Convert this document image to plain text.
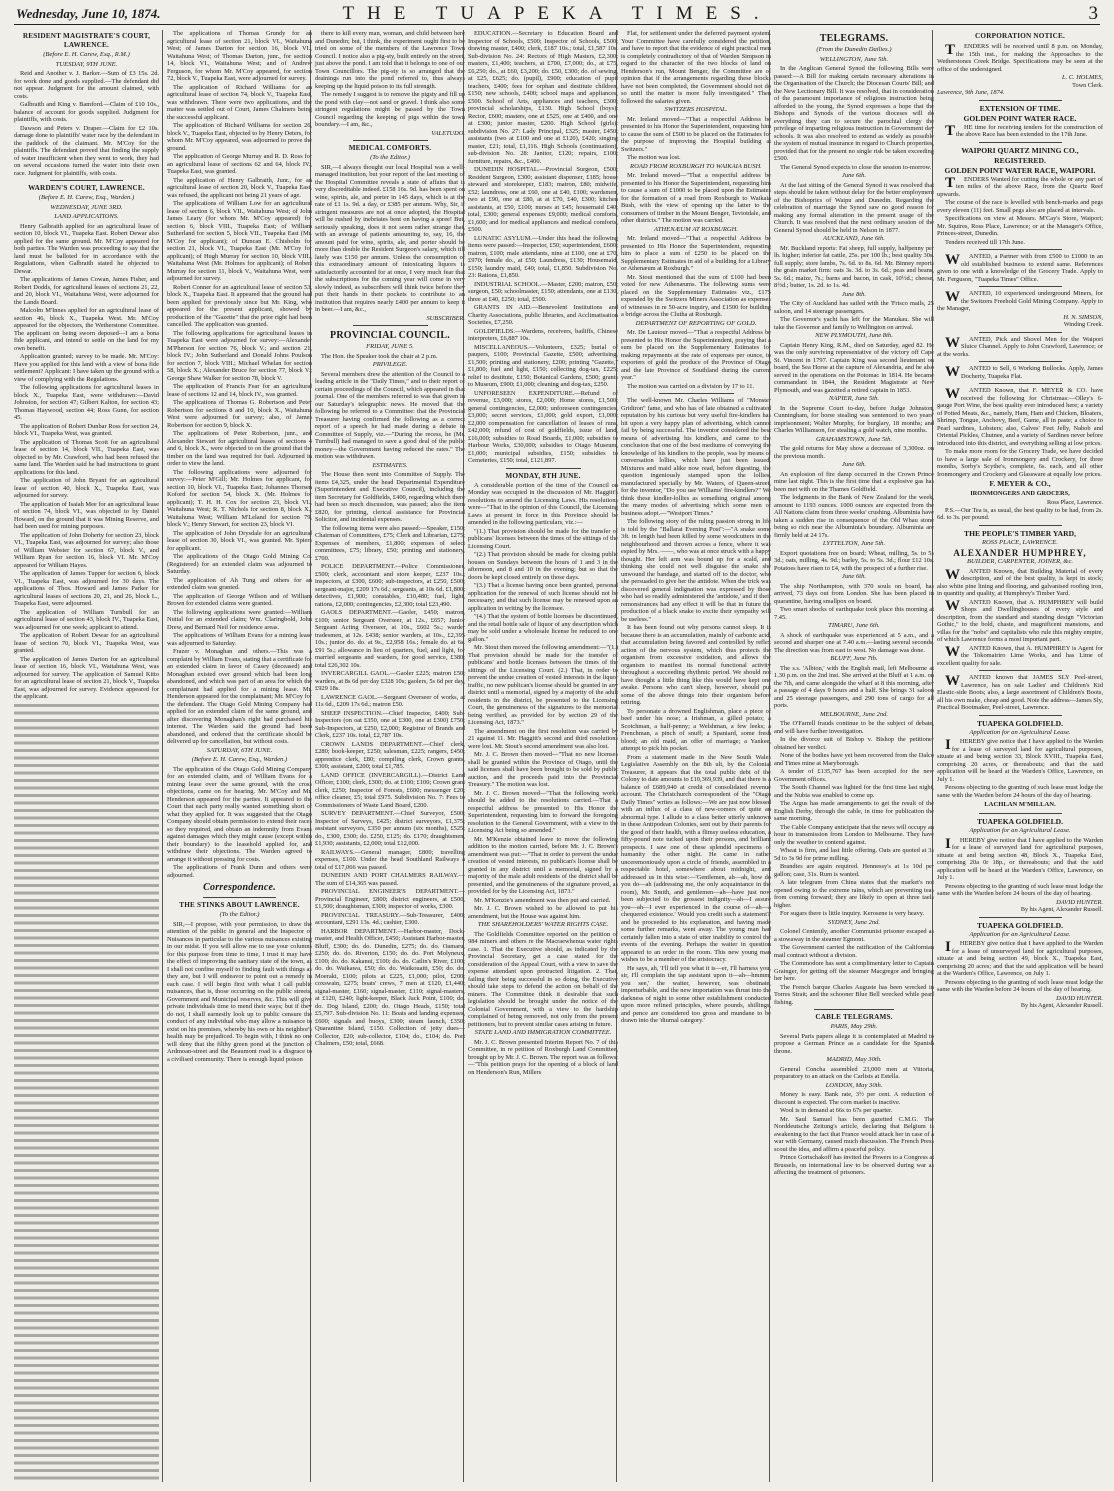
Wednesday, June 10, 1874.	THE TUAPEKA TIMES.	3
RESIDENT MAGISTRATE'S COURT, LAWRENCE.
(Before E. H. Carew, Esq., R.M.)
TUESDAY, 9TH JUNE.

Reid and Another v. J. Barker.—Sum of £3 15s. 2d. for work done and goods supplied.—The defendant did not appear. Judgment for the amount claimed, with costs.

Galbraith and King v. Bamford.—Claim of £10 10s., balance of account for goods supplied. Judgment for plaintiffs, with costs.

Dawson and Peters v. Draper.—Claim for £2 10s. damage done to plaintiffs' water race by the defendant in the paddock of the claimant. Mr. M'Coy for the plaintiffs. The defendant proved that finding the supply of water insufficient when they went to work, they had on several occasions turned the water into their own race. Judgment for plaintiffs, with costs.

WARDEN'S COURT, LAWRENCE.
(Before E. H. Carew, Esq., Warden.)
WEDNESDAY, JUNE 3RD.
LAND APPLICATIONS.

Henry Galbraith applied for an agricultural lease of section 10, block VI., Tuapeka East. Robert Dewar also applied for the same ground. Mr. M'Coy appeared for both parties. The Warden was proceeding to say that the land must be balloted for in accordance with the Regulations, when Galbraith stated he objected to Dewar.

The applications of James Cowan, James Fisher, and Robert Dodds, for agricultural leases of sections 21, 22, and 20, block VI., Waitahuna West, were adjourned for the Lands Board.

Malcolm M'Innes applied for an agricultural lease of section 46, block X., Tuapeka West. Mr. M'Coy appeared for the objectors, the Wetherstone Committee. The applicant on being sworn deposed—I am a bona fide applicant, and intend to settle on the land for my own benefit.

Application granted; survey to be made. Mr. M'Coy: Have you applied for this land with a view of bona fide settlement? Applicant: I have taken up the ground with a view of complying with the Regulations.

The following applications for agricultural leases in block X., Tuapeka East, were withdrawn:—David Johnston, for section 47; Gilbert Kalton, for section 43; Thomas Haywood, section 44; Ross Gunn, for section 45.

The application of Robert Dunbar Ross for section 24, block VI., Tuapeka West, was granted.

The application of Thomas Scott for an agricultural lease of section 14, block VII., Tuapeka East, was objected to by Mr. Crawford, who had been refused the same land. The Warden said he had instructions to grant applications for this land.

The application of John Bryant for an agricultural lease of section 40, block X., Tuapeka East, was adjourned for survey.

The application of Isaiah Mee for an agricultural lease of section 74, block VI., was objected to by Daniel Howard, on the ground that it was Mining Reserve, and had been used for mining purposes.

The application of John Doherty for section 23, block VI., Tuapeka East, was adjourned for survey; also those of William Webster for section 67, block V., and William Ryan for section 16, block VI. Mr. M'Coy appeared for William Hayes.

The application of James Tupper for section 6, block VI., Tuapeka East, was adjourned for 30 days. The applications of Thos. Howard and James Parker for agricultural leases of sections 20, 21, and 26, block L., Tuapeka East, were adjourned.

The application of William Turnbull for an agricultural lease of section 43, block IV., Tuapeka East, was adjourned for one week; applicant to attend.

The application of Robert Dewar for an agricultural lease of section 70, block VI., Tuapeka West, was granted.

The application of James Darton for an agricultural lease of section 16, block VI., Waitahuna West, was adjourned for survey. The application of Samuel Kitto for an agricultural lease of section 21, block V., Tuapeka East, was adjourned for survey. Evidence appeared for the applicant.

The applications of Thomas Grundy for an agricultural lease of section 21, block VI., Waitahuna West; of James Darton for section 16, block VI., Waitahuna West; of Thomas Darton, junr., for section 14, block VI., Waitahuna West; and of Andrew Ferguson, for whom Mr. M'Coy appeared, for section 72, block V., Tuapeka East, were adjourned for survey.

The application of Richard Williams for an agricultural lease of section 74, block V., Tuapeka East, was withdrawn. There were two applications, and the matter was settled out of Court, James Chalmers being the successful applicant.

The application of Richard Williams for section 26, block V., Tuapeka East, objected to by Henry Deters, for whom Mr. M'Coy appeared, was adjourned to prove the ground.

The application of George Murray and R. D. Ross for an agricultural lease of sections 62 and 64, block IV., Tuapeka East, was granted.

The application of Henry Galbraith, Junr., for an agricultural lease of section 20, block V., Tuapeka East, was refused, the applicant not being 21 years of age.

The applications of William Low for an agricultural lease of section 6, block VII., Waitahuna West; of John James Leary (for whom Mr. M'Coy appeared) for section 6, block VIII., Tuapeka East; of William Sutherland for section 5, block VII., Tuapeka East (Mr. M'Coy for applicant); of Duncan E. Chisholm for section 21, block VI., Tuapeka East (Mr. M'Coy for applicant); of Hugh Murray for section 10, block VIII., Waitahuna West (Mr. Holmes for applicant); of Robert Murray for section 11, block V., Waitahuna West, were adjourned for survey.

Robert Conner for an agricultural lease of section 53, block X., Tuapeka East. It appeared that the ground had been applied for previously since but Mr. King, who appeared for the present applicant, showed by production of the "Gazette" that the prior right had been cancelled. The application was granted.

The following applications for agricultural leases in Tuapeka East were adjourned for survey:—Alexander M'Pherson for section 76, block V.; and section 21, block IV.; John Sutherland and Donald Johns Poulson for section 7, block VIII.; Michael Whelan for section 58, block X.; Alexander Bruce for section 77, block V.; George Shaw Walker for section 78, block V.

The application of Francis Fear for an agricultural lease of sections 12 and 14, block IV., was granted.

The applications of Thomas G. Robertson and Peter Robertson for sections 8 and 10, block X., Waitahuna West were adjourned for survey; also, of James Robertson for section 9, block X.

The applications of Peter Robertson, junr., and Alexander Stewart for agricultural leases of sections 4 and 6, block X., were objected to on the ground that the timber on the land was required for fuel. Adjourned in order to view the land.

The following applications were adjourned for survey:—Peter M'Gill; Mr. Holmes for applicant, for section 10, block VI., Tuapeka East; Johannes Thorsen Koford for section 54, block X. (Mr. Holmes for applicant); T. H. H. Cox for section 23, block VI., Waitahuna West; R. T. Nichols for section 8, block X., Waitahuna West; William M'Leland for section 79, block V.; Henry Stewart, for section 23, block VI.

The application of John Drysdale for an agricultural lease of section 30, block VI., was granted. Mr. Spiers for applicant.

The applications of the Otago Gold Mining Co. (Registered) for an extended claim was adjourned to Saturday.

The application of Ah Tung and others for an extended claim was granted.

The application of George Wilson and of William Brown for extended claims were granted.

The following applications were granted:—William Nuttal for an extended claim; Wm. Claringbold, John Drew, and Bernard Neil for residence areas.

The applications of William Evans for a mining lease was adjourned to Saturday.

Frazer v. Monaghan and others.—This was a complaint by William Evans, stating that a certificate for an extended claim in favor of Casey (deceased) and Monaghan existed over ground which had been long abandoned, and which was part of an area for which the complainant had applied for a mining lease. Mr. Henderson appeared for the complainant; Mr. M'Coy for the defendant. The Otago Gold Mining Company had applied for an extended claim of the same ground, and after discovering Monaghan's right had purchased his interest. The Warden said the ground had been abandoned, and ordered that the certificate should be delivered up for cancellation, but without costs.

SATURDAY, 6TH JUNE.
(Before E. H. Carew, Esq., Warden.)

The application of the Otago Gold Mining Company for an extended claim, and of William Evans for a mining lease over the same ground, with the cross objections, came on for hearing. Mr. M'Coy and Mr. Henderson appeared for the parties. It appeared to the Court that each party really wanted something short of what they applied for. It was suggested that the Otago Company should obtain permission to extend their races so they required, and obtain an indemnity from Evans against damages which they might cause (except within their boundary) to the leasehold applied for, and withdraw their objections. The Warden agreed to arrange it without pressing for costs.

The applications of Frank Dunn and others were adjourned.

Correspondence.
THE STINKS ABOUT LAWRENCE.
(To the Editor.)

SIR,—I propose, with your permission, to draw the attention of the public in general and the Inspector of Nuisances in particular to the various nuisances existing in our midst. If you will allow me to use your columns for this purpose from time to time, I trust it may have the effect of improving the sanitary state of the town, as I shall not confine myself to finding fault with things as they are, but I will endeavor to point out a remedy in each case. I will begin first with what I call public nuisances, that is, those occurring on the public streets, Government and Municipal reserves, &c. This will give private individuals time to mend their ways; but if they do not, I shall earnestly look up to public censure the conduct of any individual who may allow a nuisance to exist on his premises, whereby his own or his neighbor's health may be prejudiced. To begin with, I think no one will deny that the filthy green pond at the junction of Ardmoan-street and the Beaumont road is a disgrace to a civilised community. There is enough liquid poison

there to kill every man, woman, and child between here and Dunedin; but, I think, the experiment ought first to be tried on some of the members of the Lawrence Town Council. I notice also a pig-sty, built entirely on the street, just above the pond. I am told that it belongs to one of our Town Councillors. The pig-sty is so arranged that the drainings run into the pond referred to, thus always keeping up the liquid poison to its full strength.

The remedy I suggest is to remove the pigsty and fill up the pond with clay—not sand or gravel. I think also some stringent regulations might be passed by the Town Council regarding the keeping of pigs within the town boundary.—I am, &c.,

VALETUDO.
MEDICAL COMFORTS.
(To the Editor.)

SIR,—I always thought our local Hospital was a well-managed institution, but your report of the last meeting of the Hospital Committee reveals a state of affairs that is very discreditable indeed. £158 16s. 9d. has been spent on wine, spirits, ale, and porter in 145 days, which is at the rate of £1 1s. 9d. a day, or £385 per annum. Why, Sir, if stringent measures are not at once adopted, the Hospital will be rushed by inebriates bent on having a spree! But, seriously speaking, does it not seem rather strange that, with an average of patients amounting to, say, 16, the amount paid for wine, spirits, ale, and porter should be more than double the Resident Surgeon's salary, which till lately was £150 per annum. Unless the consumption of this extraordinary amount of intoxicating liquors is satisfactorily accounted for at once, I very much fear that the subscriptions for the coming year will come in very slowly indeed, as subscribers will think twice before they put their hands in their pockets to contribute to an institution that requires nearly £400 per annum to keep it in beer.—I am, &c.,

SUBSCRIBER.
PROVINCIAL COUNCIL.
FRIDAY, JUNE 5.

The Hon. the Speaker took the chair at 2 p.m.

PRIVILEGE.

Several members drew the attention of the Council to a leading article in the "Daily Times," and to their report of certain proceedings of the Council, which appeared in that journal. One of the members referred to was that given in our Saturday's telegraphic news. He moved that the following be referred to a Committee: that the Provincial Treasurer having confirmed the following as a correct report of a speech he had made during a debate in Committee of Supply, viz.—"During the recess, he (Mr. Turnbull) had managed to save a good deal of the public money—the Government having reduced the rates." The motion was withdrawn.

ESTIMATES.

The House then went into Committee of Supply. The items £4,325, under the head Departmental Expenditure (Superintendent and Executive Council), including the item Secretary for Goldfields, £400, regarding which there had been so much discussion, was passed; also the item £820, for printing, clerical assistance for Provincial Solicitor, and incidental expenses.

The following items were also passed:—Speaker, £150; Chairman of Committees, £75; Clerk and Librarian, £275; Expenses of members, £1,800; expenses of select committees, £75; library, £50; printing and stationery, £700.

POLICE DEPARTMENT.—Police Commissioner, £500; clerk, accountant and store keeper, £237 10s.; inspectors, at £300, £600; sub-inspectors, at £250, £500; sergeant-major, £209 17s 6d.; sergeants, at 10s 6d. £1,800; detectives, £1,900; constables, £10,480; fuel, light, rations, £2,000; contingencies, £2,300; total £23,490.

GAOLS DEPARTMENT.—Gaoler, £450; matron, £100; senior Sergeant Overseer, at 12s., £657; Junior Sergeant Acting Overseer, at 10s., £602 5s.; warder tradesmen, at 12s. £438; senior warders, at 10s., £2,395 10s.; junior do. do. at 9s., £2,958 16s.; female do. at 6s. £91 5s.; allowance in lieu of quarters, fuel, and light, for married sergeants and warders, for good service, £380; total £26,302 10s.

INVERCARGILL GAOL.—Gaoler £225; matron £50; warders, at 8s 6d per day £328 10s; gaolers, 5s 6d per day, £929 18s.

LAWRENCE GAOL.—Sergeant Overseer of works, at 11s 6d., £209 17s 6d.; matron £50.

SHEEP INSPECTION.—Chief Inspector, £400; Sub-Inspectors (on oat £350, one at £300, one at £300) £750; Sub-Inspectors, at £250, £2,000; Registrar of Brands and Clerk, £237 10s. total, £2,787 10s.

CROWN LANDS DEPARTMENT.—Chief clerk, £280; book-keeper, £250; salesman, £225; rangers, £450; apprentice clerk, £80; compiling clerk, Crown grants, £300; assistant, £200; total £1,785.

LAND OFFICE (INVERCARGILL).—District Land Officer, £100; clerk, £300; do. at £100; £100; Crown grant clerk, £250; Inspector of Forests, £600; messenger £20; office cleaner, £5; total £975. Subdivision No. 7: Fees to Commissioners of Waste Land Board, £200.

SURVEY DEPARTMENT.—Chief Surveyor, £500; Inspector of Surveys, £425; district surveyors, £1,375; assistant surveyors, £350 per annum (six months), £525; do., £300, £300; do. £250, £125; do. £170; draughtsmen, £1,930; assistants, £2,000; total £12,000.

RAILWAYS.—General manager, £800; travelling expenses, £100. Under the head Southland Railways a total of £17,066 was passed.

DUNEDIN AND PORT CHALMERS RAILWAY.—The sum of £14,365 was passed.

PROVINCIAL ENGINEER'S DEPARTMENT.—Provincial Engineer, £800; district engineers, at £500, £1,500; draughtsman, £300; inspector of works, £300.

PROVINCIAL TREASURY.—Sub-Treasurer, £400; accountant, £291 13s. 4d.; cashier, £300.

HARBOR DEPARTMENT.—Harbor-master, Dock-master, and Health Officer, £450; Assistant Harbor-master, Bluff, £300; do. do. Dunedin, £275; do. do. Oamaru, £250; do. do. Riverton, £150; do. do. Port Molyneux, £100; do. do. Kakanui, £100; do. do. Catlin's River, £100; do. do. Waikawa, £50; do. do. Waikouaiti, £50; do. do. Moeraki, £100; pilots at £225, £1,000; pilot, £200; coxswain, £275; boats' crews, 7 men at £120, £1,440; signal-master, £160; signal-master, £110; signal-masters, at £120, £240; light-keeper, Black Jack Point, £100; do. do. Dog Island, £200; do. Otago Heads, £150; total £5,797. Sub-division No. 11: Boats and landing expenses, £600; signals and buoys, £300; steam launch, £350; Quarantine Island, £150. Collection of jetty dues—Collector, £20; sub-collector, £104; do., £104; do. Port Chalmers, £50; total, £668.

EDUCATION.—Secretary to Education Board and Inspector of Schools, £500; Inspector of Schools, £500; drawing master, £400; clerk, £187 10s.; total, £1,587 10s. Sub-division No. 24: Rectors of High Masters, £2,300; masters, £1,400; teachers, at £700, £7,000; do., at £75, £6,250; do., at £60, £3,200; do. £50, £300; do. of sewing, at £25, £625; do. (pupil), £900; education of pupil teachers, £400; fees for orphan and destitute children, £150; new schools, £400; school maps and appliances, £500. School of Arts, appliances and teachers, £300; provincial scholarships, £130. High School (boys): Rector, £600; masters, one at £525, one at £400, and one at £300; junior master, £200. High School (girls): subdivision No. 27: Lady Principal, £325; master, £450; assistants (two at £100 and one at £120), £420; singing master, £21; total, £1,116. High Schools (continuation), sub-division No. 28: Janitor, £120; repairs, £100; furniture, repairs, &c., £400.

DUNEDIN HOSPITAL.—Provincial Surgeon, £500; Resident Surgeon, £300; assistant dispenser, £185; house steward and storekeeper, £183; matron, £80; midwife, £52; laundress, one at £60, one at £40, £100; wardsmen, two at £90, one at £80, at at £70, £40, £300; kitchen assistants, at £50, £100; nurses at £45; housemaid £40; total, £300; general expenses £9,000; medical comforts, £1,600; and for medical appliances and medical comforts, £500.

LUNATIC ASYLUM.—Under this head the following items were passed:—Inspector, £50; superintendent, £600; matron, £100; male attendants, nine at £100, one at £70, £970; female do., at £50; Laundress, £130; Housemaid, £150; laundry maid, £40; total, £1,850. Subdivision No. 23: Rations, £1,850.

INDUSTRIAL SCHOOL.—Master, £200; matron, £50; surgeon, £50; schoolmaster, £150; attendants, one at £130, three at £40, £250; total, £500.

GRANTS IN AID.—Benevolent Institutions and Charity Associations, public libraries, and Acclimatisation Societies, £7,250.

GOLDFIELDS.—Wardens, receivers, bailiffs, Chinese interpreters, £6,887 10s.

MISCELLANEOUS.—Volunteers, £325; burial of paupers, £100; Provincial Gazette, £500; advertising, £1,500; printing and stationery, £200; printing "Gazette," £1,800; fuel and light, £150; collecting dog-tax, £225; relief to destitute, £150; Botanical Gardens, £500; grants to Museum, £900; £1,000; cleaning and dog-tax, £250.

UNFORESEEN EXPENDITURE.—Refund of revenue, £3,000; stores, £2,000; Home stores, £1,500; general contingencies, £2,000; unforeseen contingencies, £3,000; secret services, £1,000; gold export, £1,000; £2,000 compensation for cancellation of leases of runs, £42,000; refund of cost of goldfields, issue of land, £16,000; subsidies to Road Boards, £1,000; subsidies to Harbour Works, £30,000; subsidies to Otago Museum, £1,000; municipal subsidies, £150; subsidies to Cemeteries, £150; total, £121,897.

MONDAY, 8TH JUNE.

A considerable portion of the time of the Council on Monday was occupied in the discussion of Mr. Haggitt's resolutions to amend the Licensing Laws. His resolutions were—"That in the opinion of this Council, the Licensing Laws at present in force in this Province should be amended in the following particulars, viz.:—

"(1.) That provision should be made for the transfer of publicans' licenses between the times of the sittings of the Licensing Court.

"(2.) That provision should be made for closing public houses on Sundays between the hours of 1 and 3 in the afternoon, and 8 and 10 in the evening; but so that the doors be kept closed entirely on those days.

"(3.) That a license having once been granted, personal application for the renewal of such license should not be necessary; and that such license may be renewed upon an application in writing by the licensee.

"(4.) That the system of bottle licenses be discontinued, and the retail bottle sale of liquor of any description which may be sold under a wholesale license be reduced to one gallon."

Mr. Stout then moved the following amendment:—"(1.) That provision should be made for the transfer of publicans' and bottle licenses between the times of the sittings of the Licensing Court. (2.) That, in order to prevent the undue creation of vested interests in the liquor traffic, no new publican's license should be granted in any district until a memorial, signed by a majority of the adult residents in the district, be presented to the Licensing Court, the genuineness of the signatures to the memorial being verified, as provided for by section 29 of the Licensing Act, 1873."

The amendment on the first resolution was carried by 21 against 11. Mr. Haggitt's second and third resolutions were lost. Mr. Stout's second amendment was also lost.

Mr. J. C. Brown then moved—"That no new licenses shall be granted within the Province of Otago, until the said licenses shall have been brought to be sold by public auction, and the proceeds paid into the Provincial Treasury." The motion was lost.

Mr. J. C. Brown moved—"That the following works should be added to the resolutions carried.—That a respectful address be presented to His Honor the Superintendent, requesting him to forward the foregoing resolution to the General Government, with a view to the Licensing Act being so amended."

Mr. M'Kenzie obtained leave to move the following addition to the motion carried, before Mr. J. C. Brown's amendment was put:—"That in order to prevent the undue creation of vested interests, no publican's license shall be granted in any district until a memorial, signed by a majority of the male adult residents of the district shall be presented, and the genuineness of the signature proved, as provided for by the Licensing Act, 1873."

Mr. M'Kenzie's amendment was then put and carried.

Mr. J. C. Brown wished to be allowed to put his amendment, but the House was against him.

THE SHAREHOLDERS' WATER RIGHTS CASE.

The Goldfields Committee reported on the petition of 984 miners and others re the Macraewhenua water rights case. 1. That the Executive should, as indicated by the Provincial Secretary, get a case stated for the consideration of the Appeal Court, with a view to save the expense attendant upon protracted litigation. 2. That, failing their being successful in so doing, the Executive should take steps to defend the action on behalf of the miners. The Committee think it desirable that such legislation should be brought under the notice of the Colonial Government, with a view to the hardship complained of being removed, not only from the present petitioners, but to prevent similar cases arising in future.

STATE LAND AND IMMIGRATION COMMITTEE.

Mr. J. C. Brown presented Interim Report No. 7 of this Committee, in re petition of Roxburgh Land Committee, brought up by Mr. J. C. Brown. The report was as follows:—"This petition prays for the opening of a block of land on Henderson's Run, Millers

Flat, for settlement under the deferred payment system. Your Committee have carefully considered the petition, and have to report that the evidence of eight practical men is completely contradictory of that of Warden Simpson in regard to the character of the two blocks of land on Henderson's run, Mount Benger, the Committee are of opinion that if the arrangements regarding these blocks have not been completed, the Government should not do so until the matter is more fully investigated." Then followed the salaries given.

SWITZERS HOSPITAL.

Mr. Ireland moved—"That a respectful Address be presented to his Honor the Superintendent, requesting him to cause the sum of £500 to be placed on the Estimates for the purpose of improving the Hospital building at Switzers."

The motion was lost.

ROAD FROM ROXBURGH TO WAIKAIA BUSH.

Mr. Ireland moved—"That a respectful address be presented to his Honor the Superintendent, requesting him to cause a sum of £1000 to be placed upon the Estimates for the formation of a road from Roxburgh to Waikaia Bush, with the view of opening up the latter to the consumers of timber in the Mount Benger, Teviotdale, and other districts." The motion was carried.

ATHENÆUM AT ROXBURGH.

Mr. Ireland moved—"That a respectful Address be presented to His Honor the Superintendent, requesting him to place a sum of £250 to be placed on the Supplementary Estimates in aid of a building for a Library or Athenæum at Roxburgh."

Mr. Stout mentioned that the sum of £100 had been voted for new Athenæums. The following sums were placed on the Supplementary Estimates viz., £175 expended by the Switzers Miners Association as expenses of witnesses in re 50-acre inquiry, and £1500 for building a bridge across the Clutha at Roxburgh.

DEPARTMENT OF REPORTING OF GOLD.

Mr. De Lautour moved—"That a respectful Address be presented to His Honor the Superintendent, praying that a sum be placed on the Supplementary Estimates for making repayments at the rate of expenses per ounce, to exporters of gold the produce of the Province of Otago and the late Province of Southland during the current year."

The motion was carried on a division by 17 to 11.

The well-known Mr. Charles Williams of "Monster Gridiron" fame, and who has of late obtained a cultivated reputation by his curious but very useful fire-kindlers has hit upon a very happy plan of advertising, which cannot fail by being successful. The inventor considered the best means of advertising his kindlers, and came to the conclusion that one of the best mediums of conveying the knowledge of his kindlers to the people, was by means of conversation lollies, which have just been issued. Mixtures and maid alike now read, before digesting, the question ingeniously stamped upon the lollies, manufactured specially by Mr. Waters, of Queen-street, for the inventor, "Do you use Williams' fire-kindlers?" We think these kindler-lollies as something original among the many modes of advertising which some men of business adopt.—"Westport Times."

The following story of the ruling passion strong in life is told by the "Ballarat Evening Post":—"A snake some 3ft. in length had been killed by some woodcutters in the neighbourhood and thrown across a fence, where it was espied by Mrs. ——, who was at once struck with a happy thought. Her left arm was bound up for a scald, and thinking she could not well disguise the snake she unwound the bandage, and started off to the doctor, who she persuaded to give her the antidote. When the trick was discovered general indignation was expressed by those who had so readily administered the 'antidote,' and if their remonstrances had any effect it will be that in future the production of a black snake to excite their sympathy will be useless."

It has been found out why persons cannot sleep. It is because there is an accumulation, mainly of carbonic acid, that accumulation being favored and controlled by reflex action of the nervous system, which thus protects the organism from excessive oxidation, and allows the organism to manifest its normal functional activity throughout a succeeding rhythmic period. We should not have thought a little thing like this would have kept one awake. Persons who can't sleep, however, should put some of the above things into their organism before retiring.

To personate a drowned Englishman, place a piece of beef under his nose; a Irishman, a gilled potato; a Scotchman, a half-penny; a Welshman, a few leeks; a Frenchman, a pinch of snuff; a Spaniard, some fresh blood; an old maid, an offer of marriage; a Yankee, attempt to pick his pocket.

From a statement made in the New South Wales Legislative Assembly on the 8th ult, by the Colonial Treasurer, it appears that the total public debt of the Colony to date amounts to £10,369,939, and that there is a balance of £689,940 at credit of consolidated revenue account. The Christchurch correspondent of the "Otago Daily Times" writes as follows:—We are just now blessed with an influx of a class of new-comers of quite an abnormal type. I allude to a class better utterly unknown in these Antipodean Colonies, sent out by their parents for the good of their health, with a flimsy useless education, a fifty-pound note tucked upon their persons, and brilliant prospects. I saw one of these splendid specimens of humanity the other night. He came in rather unceremoniously upon a circle of friends, assembled in a respectable hotel, somewhere about midnight, and addressed us in this wise:—'Gentlemen, ah—ah, how do you do—ah (addressing me, the only acquaintance in the room), Mr. Smith, and gentlemen—ah—have just now been subjected to the grossest indignity—ah—I assure you—ah—I ever experienced in the course of—ah—a chequered existence.' Would you credit such a statement?' and he proceeded to his explanation, and having made some further remarks, went away. The young man had certainly fallen into a state of utter inability to control the events of the evening. Perhaps the waiter in question appeared to an order in the room. This new young man wishes to be a member of the aristocracy.

He says, ah, 'I'll tell you what it is—er, I'll harness you, sir, I'll complain the tap assistant upon it—ah—hmmm, you see,' the waiter, however, was obstinate, imperturbable, and the new importation was thrust into the darkness of night to some other establishment conducted upon more refined principles, where pounds, shillings, and pence are considered too gross and mundane to be drawn into the 'diurnal category.'

TELEGRAMS.
(From the Dunedin Dailies.)
WELLINGTON, June 5th.

In the Anglican General Synod the following Bills were passed:—A Bill for making certain necessary alterations in the Organisation of the Church; the Diocesan Courts' Bill; and the New Lectionary Bill. It was resolved, that in consideration of the paramount importance of religious instruction being afforded to the young, the Synod expresses a hope that the Bishops and Synods of the various dioceses will do everything they can to secure the parochial clergy the privilege of imparting religious instruction in Government day schools. It was also resolved to extend as widely as possible the system of mutual insurance in regard to Church properties, provided that for the present no single risk be taken exceeding £500.

The General Synod expects to close the session to-morrow.

June 6th.

At the last sitting of the General Synod it was resolved that steps should be taken without delay for the better employment of the Bishoprics of Waipu and Dunedin. Regarding the celebration of marriage the Synod saw no good reason for making any formal alteration in the present usage of the Church. It was resolved that the next ordinary session of the General Synod should be held in Nelson in 1877.

AUCKLAND, June 6th.

Mr. Buckland reports: Fat sheep, full supply, halfpenny per lb. higher; inferior fat cattle, 25s. per 100 lb.; best quality 30s. full supply; store lambs, 7s. 6d. to 8s. 6d. Mr. Binney reports the grain market firm: oats 3s. 3d. to 3s. 6d.; peas and beans, 5s. 6d.; maize, 7s.; barns and bacon, in cask, 10½d.; cheese, 8½d.; butter, 1s. 2d. to 1s. 4d.

June 8th.

The City of Auckland has sailed with the 'Frisco mails, 25 saloon, and 14 steerage passengers.

The Governor's yacht has left for the Manukau. She will take the Governor and family to Wellington on arrival.

NEW PLYMOUTH, June 8th.

Captain Henry King, R.M., died on Saturday, aged 82. He was the only surviving representative of the victory off Cape St. Vincent in 1797. Captain King was second lieutenant on board, the Sea Horse at the capture of Alexandria, and he also served in the operations on the Potomac in 1814. He became commandant in 1844, the Resident Magistrate at New Plymouth, and was gazetted a retired captain in 1853.

NAPIER, June 5th.

In the Supreme Court to-day, before Judge Johnston, Cunningham, for horse stealing was sentenced to two years' imprisonment; Walter Murphy, for burglary, 18 months; and Charles Williamson, for stealing a gold watch, nine months.

GRAHAMSTOWN, June 5th.

The gold returns for May show a decrease of 3,300oz. on the previous month.

June 6th.

An explosion of fire damp occurred in the Crown Prince mine last night. This is the first time that a explosive gas has been met with on the Thames Goldfield.

The lodgments in the Bank of New Zealand for the week, amount to 1193 ounces. 1000 ounces are expected from the All Nations claim from three weeks' crushing. Albuminia have taken a sudden rise in consequence of the Old Whau stone being so rich near the Albuminia's boundary. Albuminia are firmly held at 24 17s.

LYTTELTON, June 5th.

Export quotations free on board; Wheat, milling, 5s. to 5s 3d.; oats, milling, 4s. 9d.; barley, 5s. to 5s. 3d.; flour £12 10s. Potatoes have risen to £4, with the prospect of a further rise.

June 6th.

The ship Northampton, with 370 souls on board, has arrived, 73 days out from London. She has been placed in quarantine, having smallpox on board.

Two smart shocks of earthquake took place this morning at 7.45.

TIMARU, June 6th.

A shock of earthquake was experienced at 5 a.m., and a second and sharper one at 7.40 a.m.—lasting several seconds. The direction was from east to west. No damage was done.

BLUFF, June 7th.

The s.s. 'Albion,' with the English mail, left Melbourne at 1.30 p.m. on the 2nd inst. She arrived at the Bluff at 1 a.m. on the 7th, and came alongside the wharf at 8 this morning, after a passage of 4 days 9 hours and a half. She brings 31 saloon and 25 steerage passengers, and 290 tons of cargo for all ports.

MELBOURNE, June 2nd.

The O'Farrell frauds continue to be the subject of debate, and will have further investigation.

In the divorce suit of Bishop v. Bishop the petitioner obtained her verdict.

None of the bodies have yet been recovered from the Dalco and Times mine at Maryborough.

A tender of £135,767 has been accepted for the new Government offices.

The South Channel was lighted for the first time last night, and the Nubia was enabled to come up.

The Argus has made arrangements to get the result of the English Derby, through the cable, in time for publication the same morning.

The Cable Company anticipate that the news will occupy an hour in transmission from London to Melbourne. They have only the weather to contend against.

Wheat is firm, and last little offering. Oats are quoted at 3s 5d to 3s 9d for prime milling.

Brandies are again required. Hennessy's at 1s 10d per gallon; case, 31s. Rum is wanted.

A late telegram from China states that the market's not opened owing to the extreme rains, which are preventing teas from coming forward; they are likely to open at three taels higher.

For sugars there is little inquiry. Kerosene is very heavy.

SYDNEY, June 2nd.

Colonel Centenily, another Communist prisoner escaped as a stowaway in the steamer Egmont.

The Government carried the ratification of the Californian mail contract without a division.

The Commodore has sent a complimentary letter to Captain Grainger, for getting off the steamer Macgregor and bringing her here.

The French barque Charles Auguste has been wrecked in Torres Strait; and the schooner Blue Bell wrecked while pearl fishing.

CABLE TELEGRAMS.
PARIS, May 29th.

Several Paris papers allege it is contemplated at Madrid to propose a German Prince as a candidate for the Spanish throne.

MADRID, May 30th.

General Concha assembled 23,000 men at Vittoria, preparatory to an attack on the Carlists at Estella.

LONDON, May 30th.

Money is easy. Bank rate, 3½ per cent. A reduction of discount is expected. The corn market is inactive.

Wool is in demand at 66s to 67s per quarter.

Mr. Saul Samuel has been gazetted C.M.G. The Norddeutsche Zeitung's article, declaring that Belgium is awakening to the fact that France would attack her in case of a war with Germany, caused much discussion. The French Press scout the idea, and affirm a peaceful policy.

Prince Gortschakoff has invited the Powers to a Congress at Brussels, on international law to be observed during war as affecting the treatment of prisoners.

CORPORATION NOTICE.

TENDERS will be received until 8 p.m. on Monday, the 15th inst., for making the Approaches to the Wetherstones Creek Bridge. Specifications may be seen at the office of the undersigned.

L. C. HOLMES,
Town Clerk.
Lawrence, 9th June, 1874.
EXTENSION OF TIME.
GOLDEN POINT WATER RACE.

THE time for receiving tenders for the construction of the above Race has been extended to the 17th June.

WAIPORI QUARTZ MINING CO., REGISTERED.
GOLDEN POINT WATER RACE, WAIPORI.

TENDERS Wanted for cutting the whole or any part of ten miles of the above Race, from the Quartz Reef upwards.

The course of the race is levelled with bench-marks and pegs every eleven (11) feet. Small pegs also are placed at intervals.

Specifications on view at Messrs. M'Cay's Store, Waipori; Mr. Squires, Ross Place, Lawrence; or at the Manager's Office, Princes-street, Dunedin.

Tenders received till 17th June.

WANTED, a Partner with from £500 to £1000 in an old established business to extend same. References given to one with a knowledge of the Grocery Trade. Apply to Mr. Ferguson, "Tuapeka Times" Office.

WANTED, 10 experienced underground Miners, for the Switzers Freehold Gold Mining Company. Apply to the Manager,

H. N. SIMSON,
Winding Creek.

WANTED, Pick and Shovel Men for the Waipori Sluice Channel. Apply to John Crawford, Lawrence; or at the works.

WANTED to Sell, 6 Working Bullocks. Apply, James Docherty, Tuapeka Flat.

WANTED Known, that F. MEYER & CO. have received the following for Christmas:—Olley's 6-gauge Port Wine, the best quality ever introduced here; a variety of Potted Meats, &c., namely, Ham, Ham and Chicken, Bloaters, Shrimp, Tongue, Anchovy, Beef, Game, all in paste; a choice to Pearl sardines, Lobsters; also, Calves' Feet Jelly, Nabob and Oriental Pickles, Chutnee, and a variety of Sardines never before introduced into this district, and everything selling at low prices.

To make more room for the Grocery Trade, we have decided to have a large sale of Ironmongery and Crockery, for three months, Sorby's Scythe's, complete, 6s. each, and all other Ironmongery and Crockery and Glassware at equally low prices.

F. MEYER & CO.,
IRONMONGERS AND GROCERS,
Ross Place, Lawrence.

P.S.—Our Tea is, as usual, the best quality to be had, from 2s. 6d. to 3s. per pound.

THE PEOPLE'S TIMBER YARD,
ROSS PLACE, LAWRENCE.
ALEXANDER HUMPHREY,
BUILDER, CARPENTER, JOINER, &c.

WANTED Known, that Building Material of every description, and of the best quality, is kept in stock; also white pine lining and flooring, and galvanised roofing iron, in quantity and quality, at Humphrey's Timber Yard.

WANTED Known, that A. HUMPHREY will build Shops and Dwellinghouses of every style and description, from the standard and standing design "Victorian Gothic," to the bold, chaste, and magnificent mansions, and villas for the "nobs" and capitalists who rule this mighty empire, of which Lawrence forms a most important part.

WANTED Known, that A. HUMPHREY is Agent for the Tokomairiro Lime Works, and has Lime of excellent quality for sale.

WANTED known that JAMES SLY Peel-street, Lawrence, has on sale Ladies' and Children's Kid Elastic-side Boots; also, a large assortment of Children's Boots, all his own make, cheap and good. Note the address—James Sly, Practical Bootmaker, Peel-street, Lawrence.

TUAPEKA GOLDFIELD.
Application for an Agricultural Lease.

IHEREBY give notice that I have applied to the Warden for a lease of surveyed land for agricultural purposes, situate at and being section 33, Block XVIII., Tuapeka East, comprising 20 acres, or thereabouts; and that the said application will be heard at the Warden's Office, Lawrence, on July 1.

Persons objecting to the granting of such lease must lodge the same with the Warden before 24 hours of the day of hearing.

LACHLAN M'MILLAN.
TUAPEKA GOLDFIELD.
Application for an Agricultural Lease.

IHEREBY give notice that I have applied to the Warden for a lease of surveyed land for agricultural purposes, situate at and being section 48, Block X., Tuapeka East, comprising 20a 0r 18p., or thereabouts; and that the said application will be heard at the Warden's Office, Lawrence, on July 1.

Persons objecting to the granting of such lease must lodge the same with the Warden before 24 hours of the day of hearing.

DAVID HUNTER.
By his Agent, Alexander Russell.
TUAPEKA GOLDFIELD.
Application for an Agricultural Lease.

IHEREBY give notice that I have applied to the Warden for a lease of unsurveyed land for agricultural purposes, situate at and being section 49, block X., Tuapeka East, comprising 20 acres; and that the said application will be heard at the Warden's Office, Lawrence, on July 1.

Persons objecting to the granting of such lease must lodge the same with the Warden before 24 hours of the day of hearing.

DAVID HUNTER.
By his Agent, Alexander Russell.
